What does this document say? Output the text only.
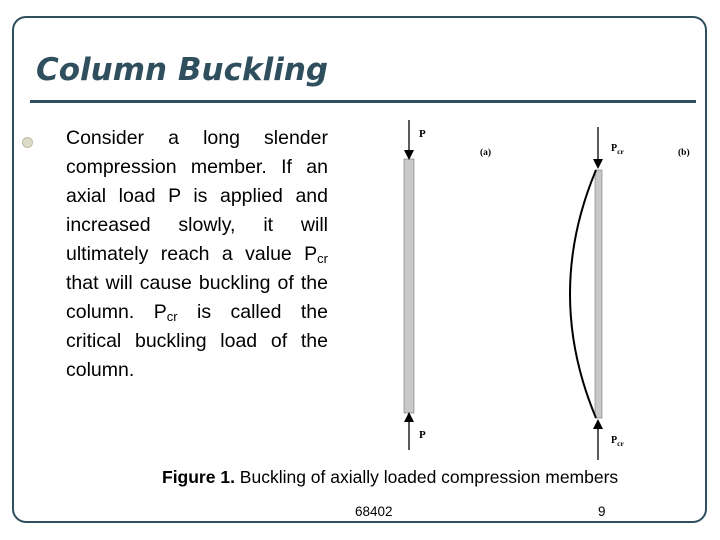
Column Buckling

Consider a long slender compression member. If an axial load P is applied and increased slowly, it will ultimately reach a value $P_{cr}$ that will cause buckling of the column. $P_{cr}$ is called the critical buckling load of the column.

P
P
(a)	$P_{cr}$
$P_{cr}$
(b)

Figure 1. Buckling of axially loaded compression members

68402	9
